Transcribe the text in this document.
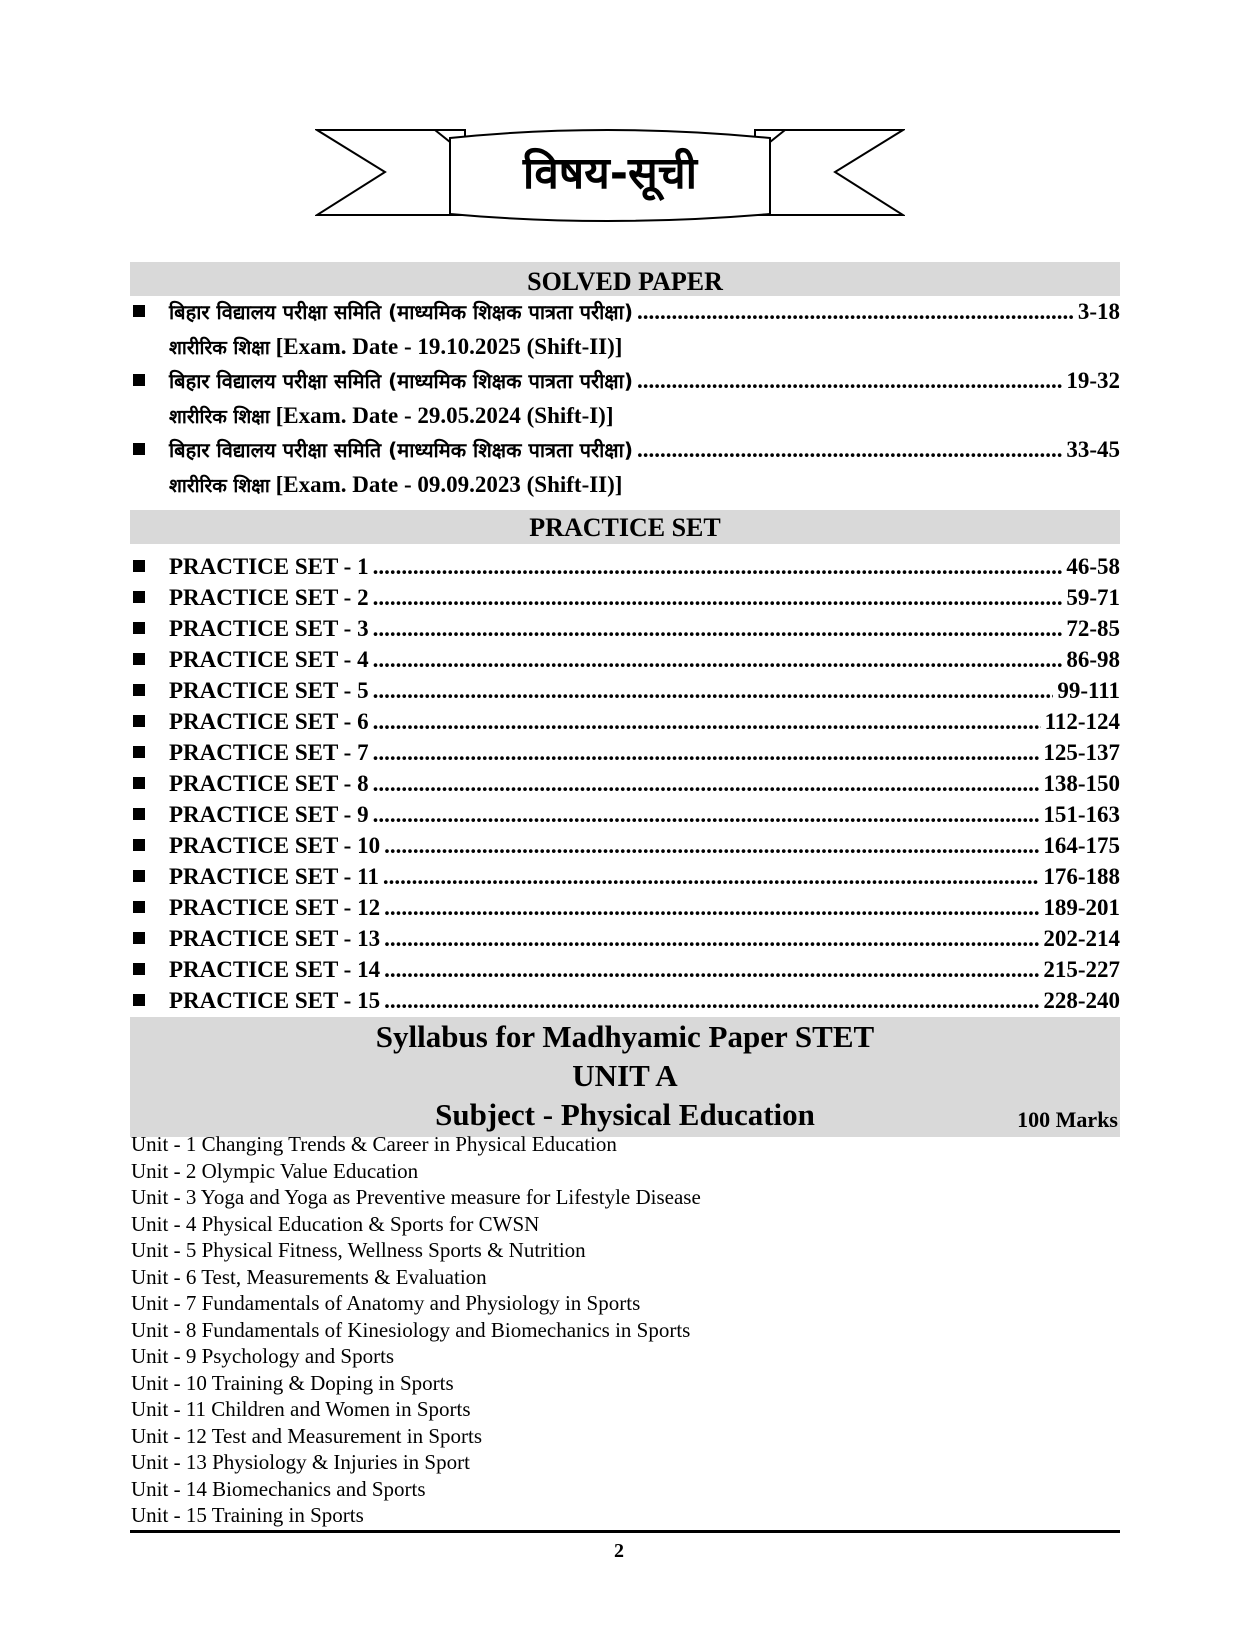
विषय-सूची
SOLVED PAPER
बिहार विद्यालय परीक्षा समिति (माध्यमिक शिक्षक पात्रता परीक्षा) .....	3-18
शारीरिक शिक्षा [Exam. Date - 19.10.2025 (Shift-II)]
बिहार विद्यालय परीक्षा समिति (माध्यमिक शिक्षक पात्रता परीक्षा) .....	19-32
शारीरिक शिक्षा [Exam. Date - 29.05.2024 (Shift-I)]
बिहार विद्यालय परीक्षा समिति (माध्यमिक शिक्षक पात्रता परीक्षा) .....	33-45
शारीरिक शिक्षा [Exam. Date - 09.09.2023 (Shift-II)]
PRACTICE SET
PRACTICE SET - 1 .....	46-58
PRACTICE SET - 2 .....	59-71
PRACTICE SET - 3 .....	72-85
PRACTICE SET - 4 .....	86-98
PRACTICE SET - 5 .....	99-111
PRACTICE SET - 6 .....	112-124
PRACTICE SET - 7 .....	125-137
PRACTICE SET - 8 .....	138-150
PRACTICE SET - 9 .....	151-163
PRACTICE SET - 10 .....	164-175
PRACTICE SET - 11 .....	176-188
PRACTICE SET - 12 .....	189-201
PRACTICE SET - 13 .....	202-214
PRACTICE SET - 14 .....	215-227
PRACTICE SET - 15 .....	228-240
Syllabus for Madhyamic Paper STET
UNIT A
Subject - Physical Education	100 Marks
Unit - 1 Changing Trends & Career in Physical Education
Unit - 2 Olympic Value Education
Unit - 3 Yoga and Yoga as Preventive measure for Lifestyle Disease
Unit - 4 Physical Education & Sports for CWSN
Unit - 5 Physical Fitness, Wellness Sports & Nutrition
Unit - 6 Test, Measurements & Evaluation
Unit - 7 Fundamentals of Anatomy and Physiology in Sports
Unit - 8 Fundamentals of Kinesiology and Biomechanics in Sports
Unit - 9 Psychology and Sports
Unit - 10 Training & Doping in Sports
Unit - 11 Children and Women in Sports
Unit - 12 Test and Measurement in Sports
Unit - 13 Physiology & Injuries in Sport
Unit - 14 Biomechanics and Sports
Unit - 15 Training in Sports
2
